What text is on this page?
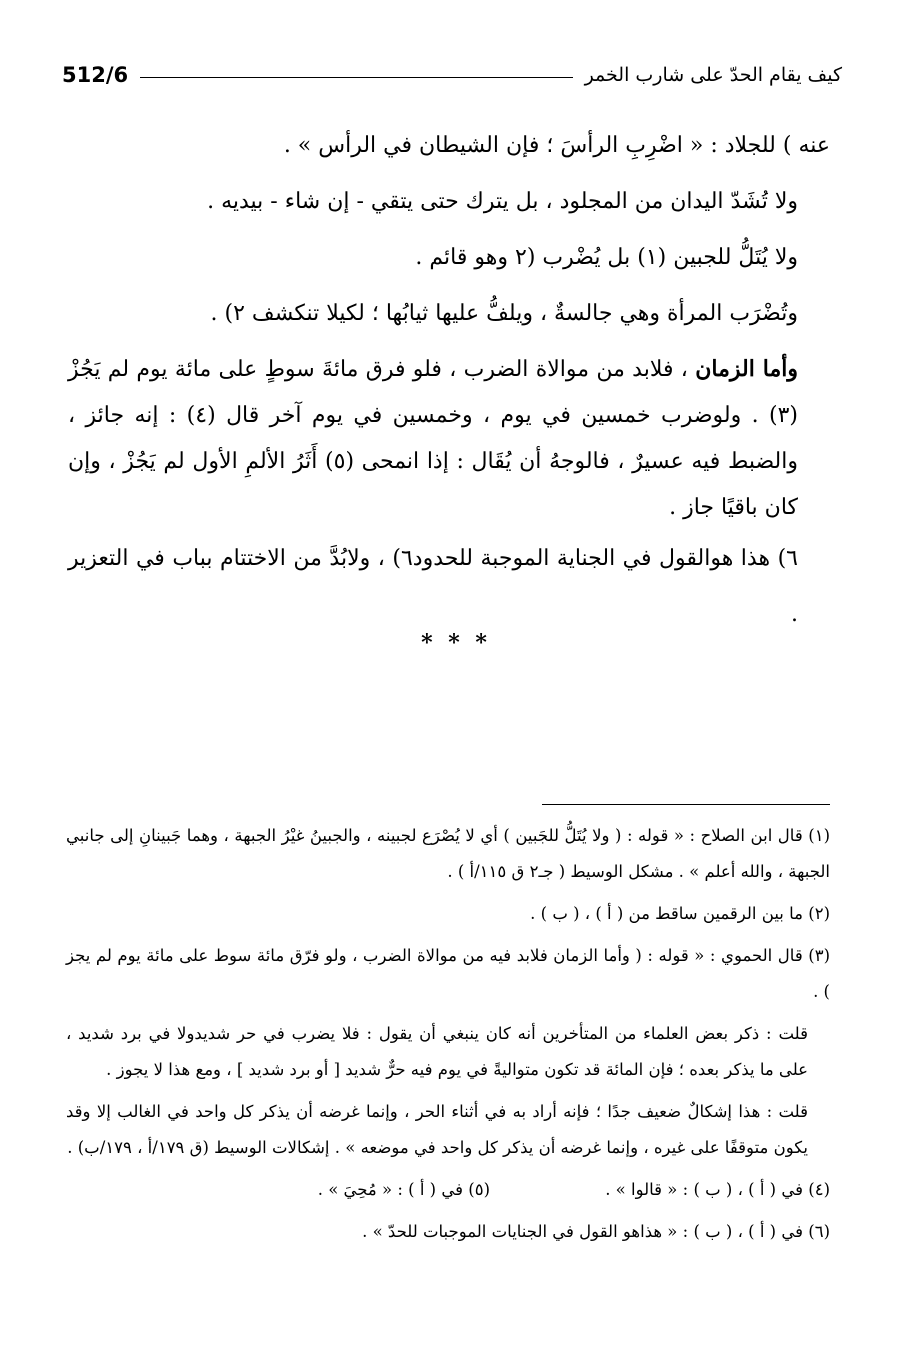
512/6	كيف يقام الحدّ على شارب الخمر

عنه ) للجلاد : « اضْرِبِ الرأسَ ؛ فإن الشيطان في الرأس » .

ولا تُشَدّ اليدان من المجلود ، بل يترك حتى يتقي - إن شاء - بيديه .

ولا يُتَلُّ للجبين (١) بل يُضْرب (٢ وهو قائم .

وتُضْرَب المرأة وهي جالسةٌ ، ويلفُّ عليها ثيابُها ؛ لكيلا تنكشف ٢) .

وأما الزمان ، فلابد من موالاة الضرب ، فلو فرق مائةَ سوطٍ على مائة يوم لم يَجُزْ (٣) . ولوضرب خمسين في يوم ، وخمسين في يوم آخر قال (٤) : إنه جائز ، والضبط فيه عسيرٌ ، فالوجهُ أن يُقَال : إذا انمحى (٥) أَثَرُ الألمِ الأول لم يَجُزْ ، وإن كان باقيًا جاز .

٦) هذا هوالقول في الجناية الموجبة للحدود٦) ، ولابُدَّ من الاختتام بباب في التعزير .

* * *

(١) قال ابن الصلاح : « قوله : ( ولا يُتَلُّ للجَبين ) أي لا يُصْرَع لجبينه ، والجبينُ غيْرُ الجبهة ، وهما جَبينانِ إلى جانبي الجبهة ، والله أعلم » . مشكل الوسيط ( جـ٢ ق ١١٥/أ ) .

(٢) ما بين الرقمين ساقط من ( أ ) ، ( ب ) .

(٣) قال الحموي : « قوله : ( وأما الزمان فلابد فيه من موالاة الضرب ، ولو فرّق مائة سوط على مائة يوم لم يجز ) .

قلت : ذكر بعض العلماء من المتأخرين أنه كان ينبغي أن يقول : فلا يضرب في حر شديدولا في برد شديد ، على ما يذكر بعده ؛ فإن المائة قد تكون متواليةً في يوم فيه حرٌّ شديد [ أو برد شديد ] ، ومع هذا لا يجوز .

قلت : هذا إشكالٌ ضعيف جدًا ؛ فإنه أراد به في أثناء الحر ، وإنما غرضه أن يذكر كل واحد في الغالب إلا وقد يكون متوقفًا على غيره ، وإنما غرضه أن يذكر كل واحد في موضعه » . إشكالات الوسيط (ق ١٧٩/أ ، ١٧٩/ب) .

(٤) في ( أ ) ، ( ب ) : « قالوا » .
(٥) في ( أ ) : « مُحِيَ » .

(٦) في ( أ ) ، ( ب ) : « هذاهو القول في الجنايات الموجبات للحدّ » .
